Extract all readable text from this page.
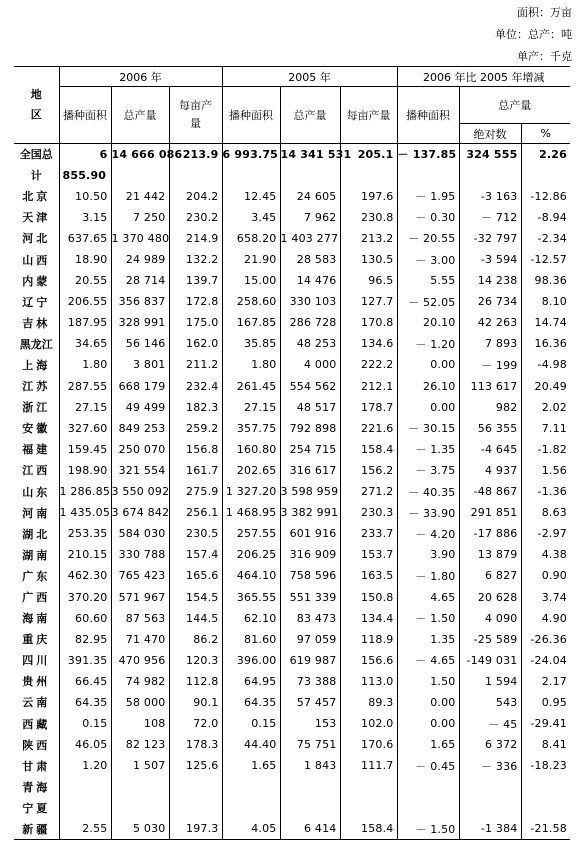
面积：万亩
单位：总产：吨
单产：千克
地
区	2006 年			2005 年			2006 年比 2005 年增减		
	播种面积	总产量	每亩产
量	播种面积	总产量	每亩产量	播种面积	总产量	
								绝对数	%
全国总	6	14 666 086	213.9	6 993.75	14 341 531	205.1	－ 137.85	324 555	2.26
计	855.90								
北京	10.50	21 442	204.2	12.45	24 605	197.6	－ 1.95	-3 163	-12.86
天津	3.15	7 250	230.2	3.45	7 962	230.8	－ 0.30	－ 712	-8.94
河北	637.65	1 370 480	214.9	658.20	1 403 277	213.2	－ 20.55	-32 797	-2.34
山西	18.90	24 989	132.2	21.90	28 583	130.5	－ 3.00	-3 594	-12.57
内蒙	20.55	28 714	139.7	15.00	14 476	96.5	5.55	14 238	98.36
辽宁	206.55	356 837	172.8	258.60	330 103	127.7	－ 52.05	26 734	8.10
吉林	187.95	328 991	175.0	167.85	286 728	170.8	20.10	42 263	14.74
黑龙江	34.65	56 146	162.0	35.85	48 253	134.6	－ 1.20	7 893	16.36
上海	1.80	3 801	211.2	1.80	4 000	222.2	0.00	－ 199	-4.98
江苏	287.55	668 179	232.4	261.45	554 562	212.1	26.10	113 617	20.49
浙江	27.15	49 499	182.3	27.15	48 517	178.7	0.00	982	2.02
安徽	327.60	849 253	259.2	357.75	792 898	221.6	－ 30.15	56 355	7.11
福建	159.45	250 070	156.8	160.80	254 715	158.4	－ 1.35	-4 645	-1.82
江西	198.90	321 554	161.7	202.65	316 617	156.2	－ 3.75	4 937	1.56
山东	1 286.85	3 550 092	275.9	1 327.20	3 598 959	271.2	－ 40.35	-48 867	-1.36
河南	1 435.05	3 674 842	256.1	1 468.95	3 382 991	230.3	－ 33.90	291 851	8.63
湖北	253.35	584 030	230.5	257.55	601 916	233.7	－ 4.20	-17 886	-2.97
湖南	210.15	330 788	157.4	206.25	316 909	153.7	3.90	13 879	4.38
广东	462.30	765 423	165.6	464.10	758 596	163.5	－ 1.80	6 827	0.90
广西	370.20	571 967	154.5	365.55	551 339	150.8	4.65	20 628	3.74
海南	60.60	87 563	144.5	62.10	83 473	134.4	－ 1.50	4 090	4.90
重庆	82.95	71 470	86.2	81.60	97 059	118.9	1.35	-25 589	-26.36
四川	391.35	470 956	120.3	396.00	619 987	156.6	－ 4.65	-149 031	-24.04
贵州	66.45	74 982	112.8	64.95	73 388	113.0	1.50	1 594	2.17
云南	64.35	58 000	90.1	64.35	57 457	89.3	0.00	543	0.95
西藏	0.15	108	72.0	0.15	153	102.0	0.00	－ 45	-29.41
陕西	46.05	82 123	178.3	44.40	75 751	170.6	1.65	6 372	8.41
甘肃	1.20	1 507	125.6	1.65	1 843	111.7	－ 0.45	－ 336	-18.23
青海									
宁夏									
新疆	2.55	5 030	197.3	4.05	6 414	158.4	－ 1.50	-1 384	-21.58
